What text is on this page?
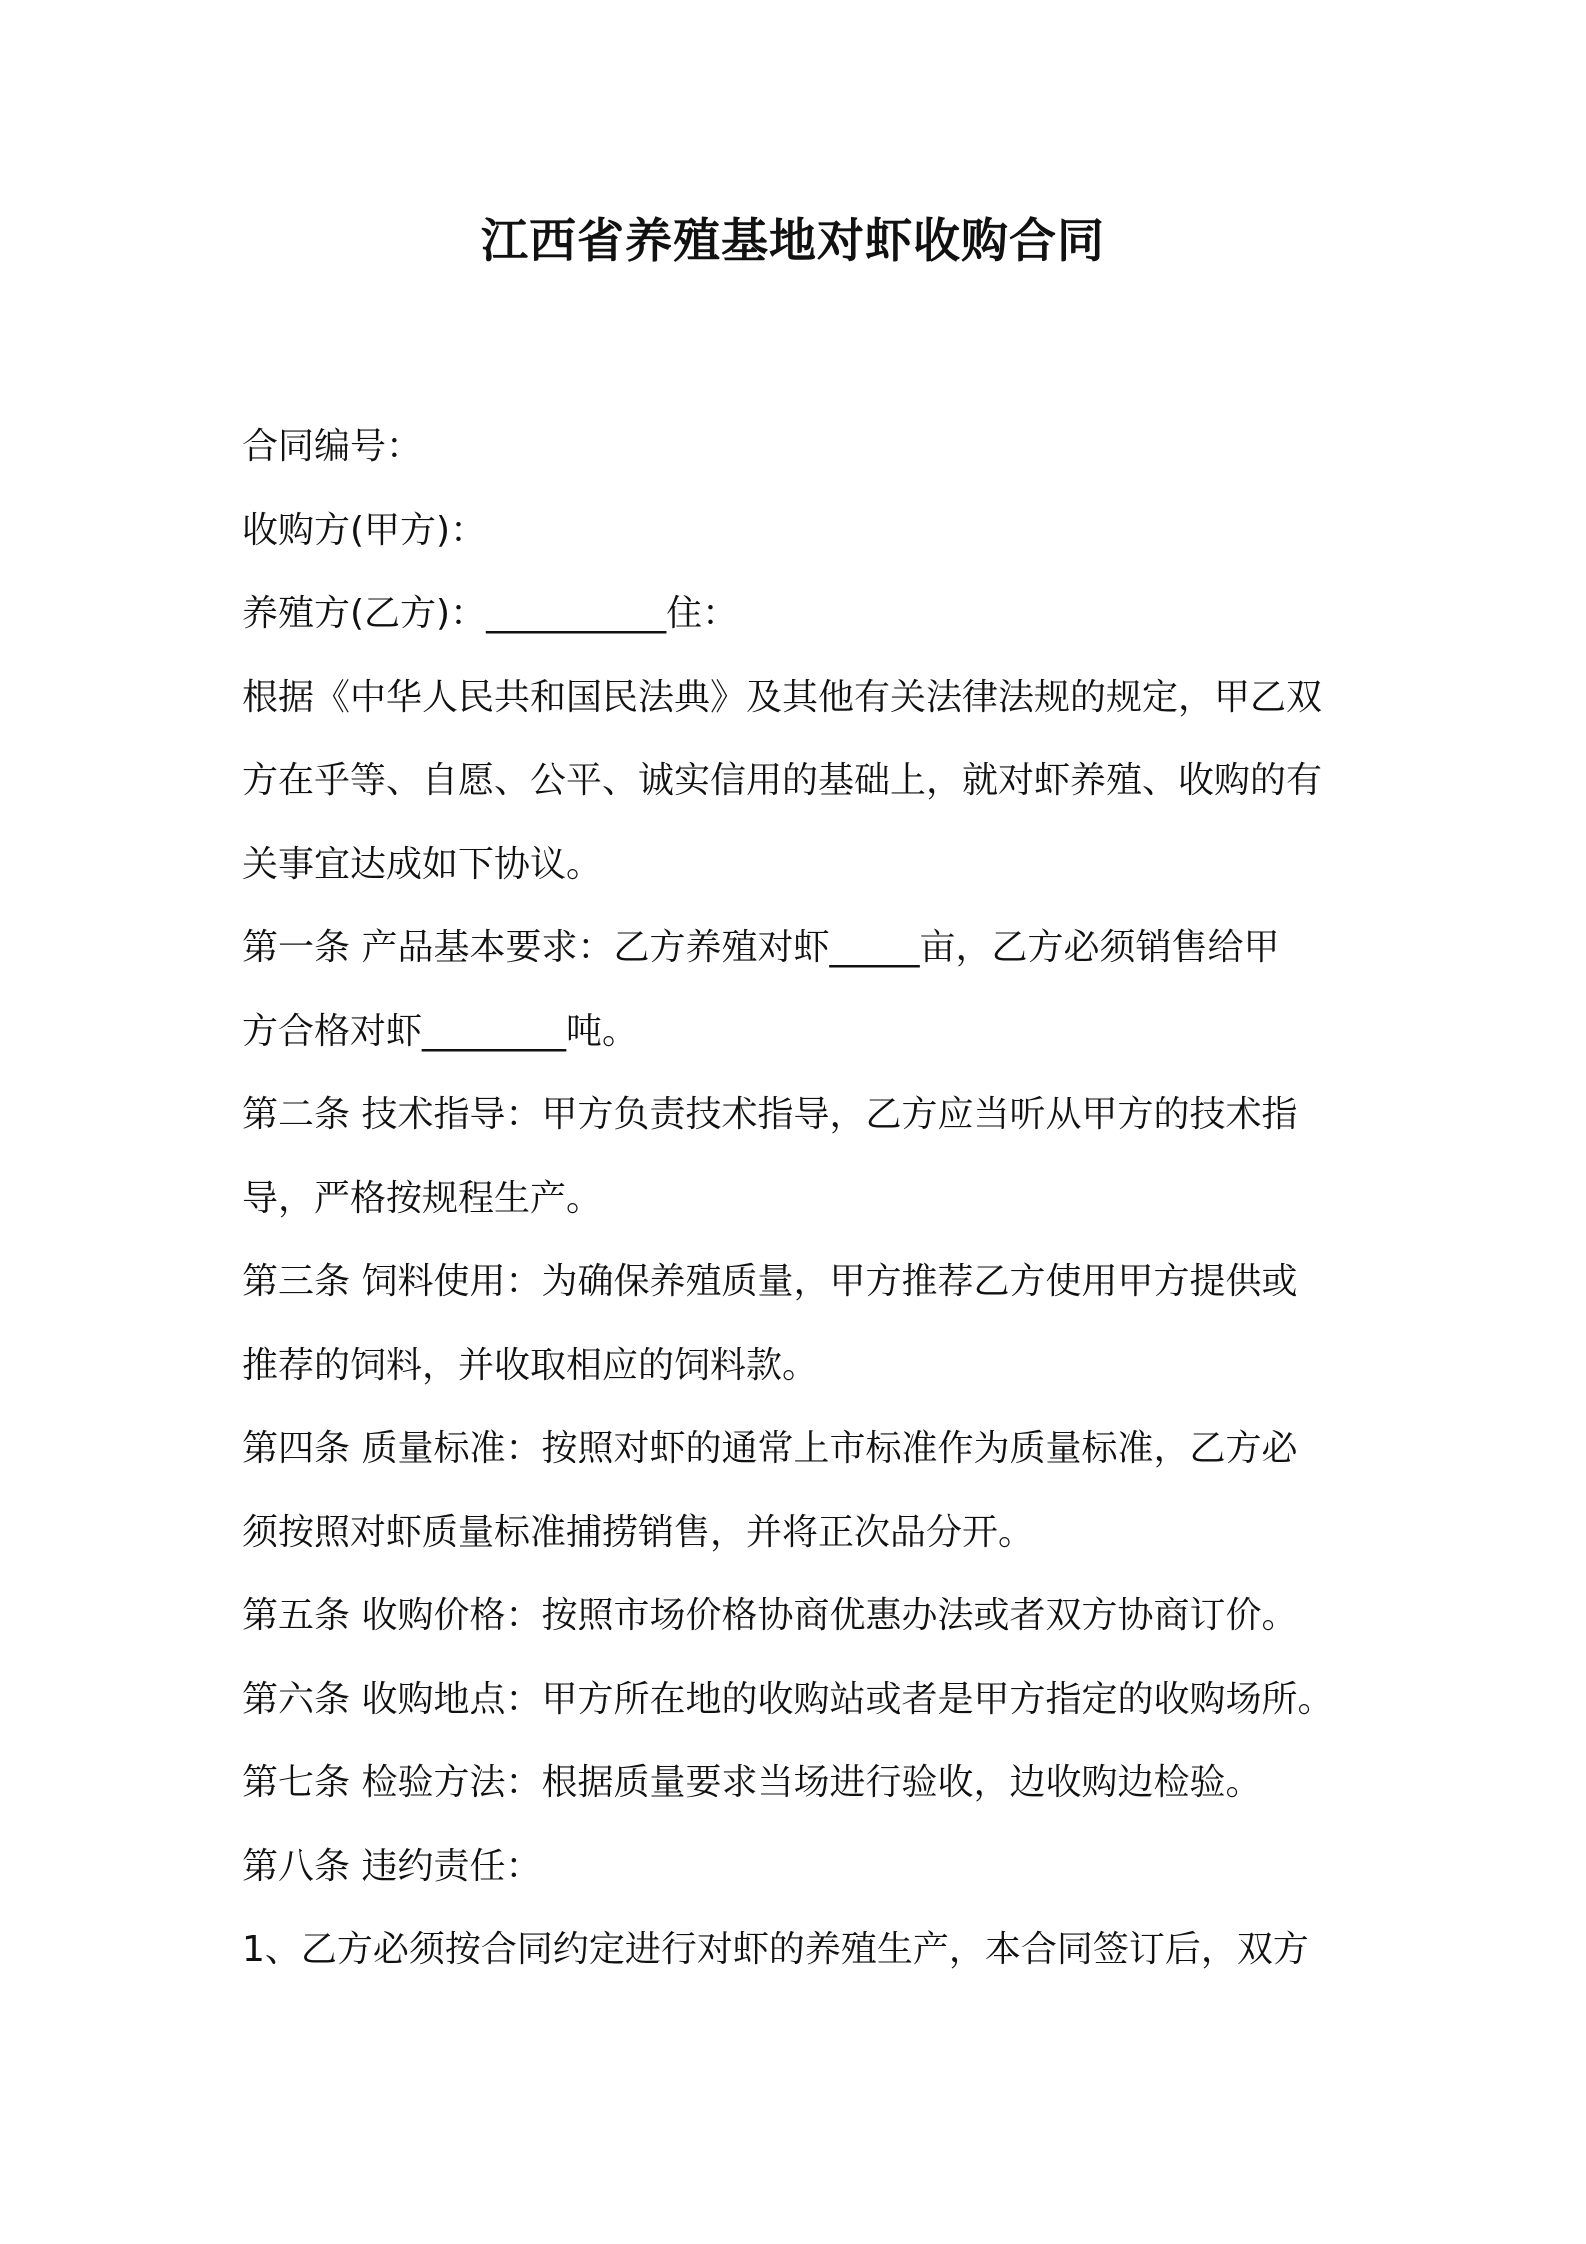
江西省养殖基地对虾收购合同
合同编号：
收购方(甲方)：
养殖方(乙方)：__________住：
根据《中华人民共和国民法典》及其他有关法律法规的规定，甲乙双
方在乎等、自愿、公平、诚实信用的基础上，就对虾养殖、收购的有
关事宜达成如下协议。
第一条 产品基本要求：乙方养殖对虾_____亩，乙方必须销售给甲
方合格对虾________吨。
第二条 技术指导：甲方负责技术指导，乙方应当听从甲方的技术指
导，严格按规程生产。
第三条 饲料使用：为确保养殖质量，甲方推荐乙方使用甲方提供或
推荐的饲料，并收取相应的饲料款。
第四条 质量标准：按照对虾的通常上市标准作为质量标准，乙方必
须按照对虾质量标准捕捞销售，并将正次品分开。
第五条 收购价格：按照市场价格协商优惠办法或者双方协商订价。
第六条 收购地点：甲方所在地的收购站或者是甲方指定的收购场所。
第七条 检验方法：根据质量要求当场进行验收，边收购边检验。
第八条 违约责任：
1、乙方必须按合同约定进行对虾的养殖生产，本合同签订后，双方
